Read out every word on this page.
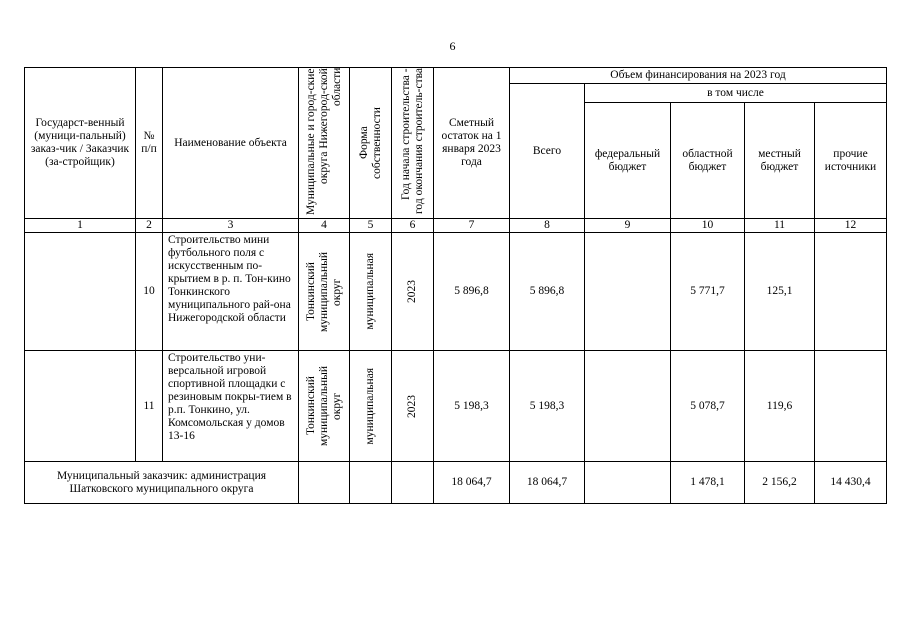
6
Государст-венный (муници-пальный) заказ-чик / Заказчик (за-стройщик)	№ п/п	Наименование объекта	Муниципальные и город-ские округа Нижегород-ской области	Форма собственности	Год начала строительства - год окончания строитель-ства	Сметный остаток на 1 января 2023 года	Объем финансирования на 2023 год				

							Всего	в том числе			

								федеральный бюджет	областной бюджет	местный бюджет	прочие источники

1	2	3	4	5	6	7	8	9	10	11	12
	10	Строительство мини футбольного поля с искусственным по-крытием в р. п. Тон-кино Тонкинского муниципального рай-она Нижегородской области	Тонкинский муниципальный округ	муниципальная	2023	5 896,8	5 896,8		5 771,7	125,1	
	11	Строительство уни-версальной игровой спортивной площадки с резиновым покры-тием в р.п. Тонкино, ул. Комсомольская у домов 13-16	Тонкинский муниципальный округ	муниципальная	2023	5 198,3	5 198,3		5 078,7	119,6	

Муниципальный заказчик: администрация Шатковского муниципального округа						18 064,7	18 064,7		1 478,1	2 156,2	14 430,4
